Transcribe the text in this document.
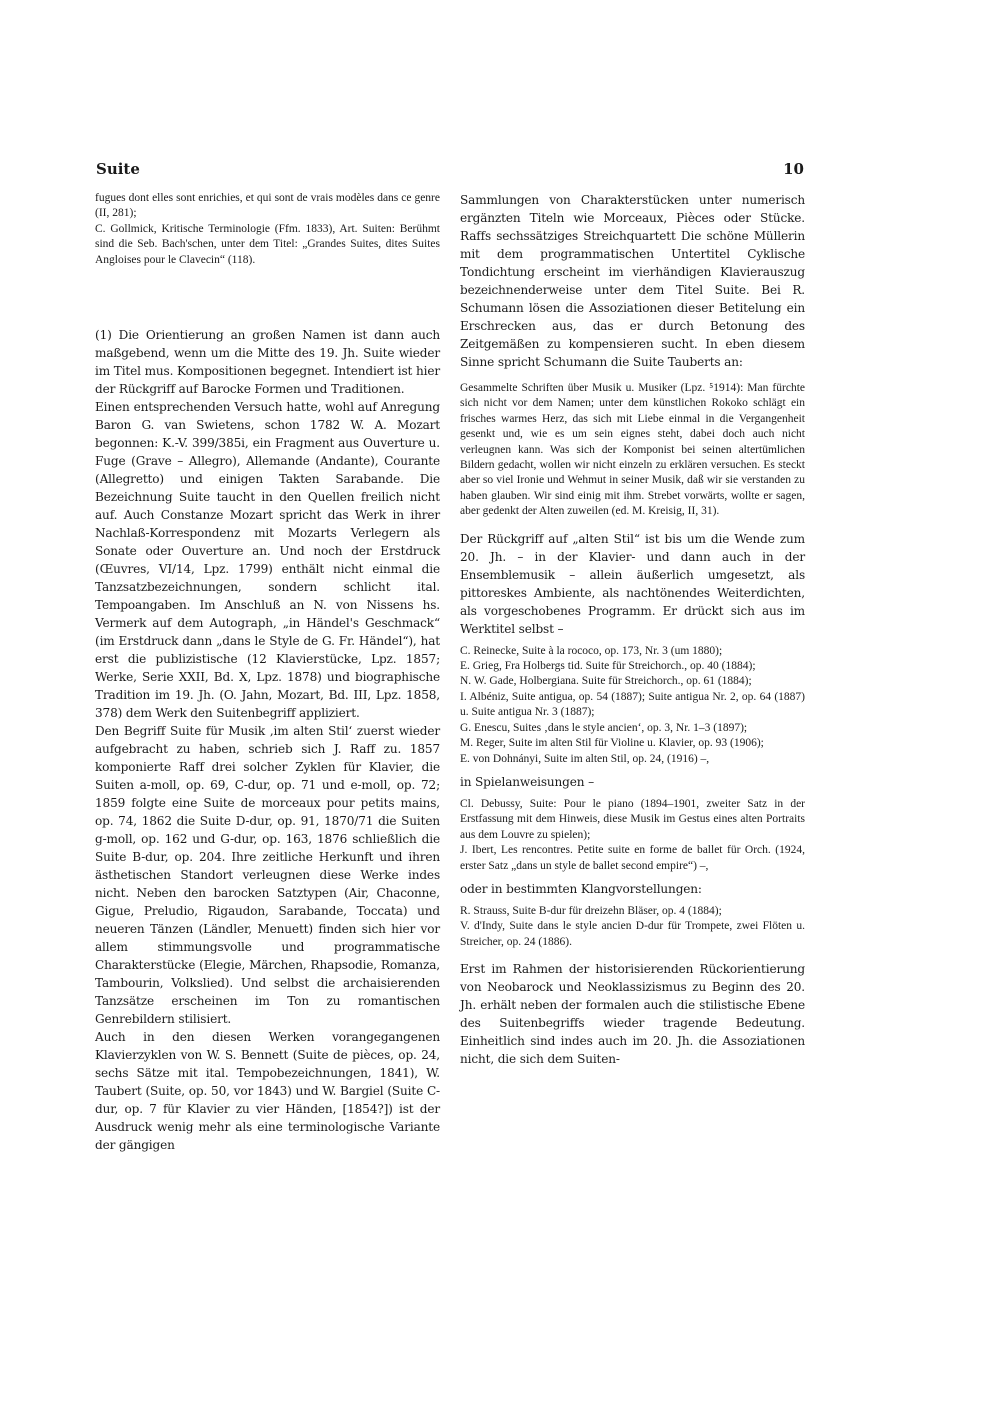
Suite	10

fugues dont elles sont enrichies, et qui sont de vrais modèles dans ce genre (II, 281);

C. Gollmick, Kritische Terminologie (Ffm. 1833), Art. Suiten: Berühmt sind die Seb. Bach'schen, unter dem Titel: „Grandes Suites, dites Suites Angloises pour le Clavecin“ (118).

(1) Die Orientierung an großen Namen ist dann auch maßgebend, wenn um die Mitte des 19. Jh. Suite wieder im Titel mus. Kompositionen begegnet. Intendiert ist hier der Rückgriff auf Barocke Formen und Traditionen.

Einen entsprechenden Versuch hatte, wohl auf Anregung Baron G. van Swietens, schon 1782 W. A. Mozart begonnen: K.-V. 399/385i, ein Fragment aus Ouverture u. Fuge (Grave – Allegro), Allemande (Andante), Courante (Allegretto) und einigen Takten Sarabande. Die Bezeichnung Suite taucht in den Quellen freilich nicht auf. Auch Constanze Mozart spricht das Werk in ihrer Nachlaß-Korrespondenz mit Mozarts Verlegern als Sonate oder Ouverture an. Und noch der Erstdruck (Œuvres, VI/14, Lpz. 1799) enthält nicht einmal die Tanzsatzbezeichnungen, sondern schlicht ital. Tempoangaben. Im Anschluß an N. von Nissens hs. Vermerk auf dem Autograph, „in Händel's Geschmack“ (im Erstdruck dann „dans le Style de G. Fr. Händel“), hat erst die publizistische (12 Klavierstücke, Lpz. 1857; Werke, Serie XXII, Bd. X, Lpz. 1878) und biographische Tradition im 19. Jh. (O. Jahn, Mozart, Bd. III, Lpz. 1858, 378) dem Werk den Suitenbegriff appliziert.

Den Begriff Suite für Musik ‚im alten Stil‘ zuerst wieder aufgebracht zu haben, schrieb sich J. Raff zu. 1857 komponierte Raff drei solcher Zyklen für Klavier, die Suiten a-moll, op. 69, C-dur, op. 71 und e-moll, op. 72; 1859 folgte eine Suite de morceaux pour petits mains, op. 74, 1862 die Suite D-dur, op. 91, 1870/71 die Suiten g-moll, op. 162 und G-dur, op. 163, 1876 schließlich die Suite B-dur, op. 204. Ihre zeitliche Herkunft und ihren ästhetischen Standort verleugnen diese Werke indes nicht. Neben den barocken Satztypen (Air, Chaconne, Gigue, Preludio, Rigaudon, Sarabande, Toccata) und neueren Tänzen (Ländler, Menuett) finden sich hier vor allem stimmungsvolle und programmatische Charakterstücke (Elegie, Märchen, Rhapsodie, Romanza, Tambourin, Volkslied). Und selbst die archaisierenden Tanzsätze erscheinen im Ton zu romantischen Genrebildern stilisiert.

Auch in den diesen Werken vorangegangenen Klavierzyklen von W. S. Bennett (Suite de pièces, op. 24, sechs Sätze mit ital. Tempobezeichnungen, 1841), W. Taubert (Suite, op. 50, vor 1843) und W. Bargiel (Suite C-dur, op. 7 für Klavier zu vier Händen, [1854?]) ist der Ausdruck wenig mehr als eine terminologische Variante der gängigen

Sammlungen von Charakterstücken unter numerisch ergänzten Titeln wie Morceaux, Pièces oder Stücke. Raffs sechssätziges Streichquartett Die schöne Müllerin mit dem programmatischen Untertitel Cyklische Tondichtung erscheint im vierhändigen Klavierauszug bezeichnenderweise unter dem Titel Suite. Bei R. Schumann lösen die Assoziationen dieser Betitelung ein Erschrecken aus, das er durch Betonung des Zeitgemäßen zu kompensieren sucht. In eben diesem Sinne spricht Schumann die Suite Tauberts an:

Gesammelte Schriften über Musik u. Musiker (Lpz. ⁵1914): Man fürchte sich nicht vor dem Namen; unter dem künstlichen Rokoko schlägt ein frisches warmes Herz, das sich mit Liebe einmal in die Vergangenheit gesenkt und, wie es um sein eignes steht, dabei doch auch nicht verleugnen kann. Was sich der Komponist bei seinen altertümlichen Bildern gedacht, wollen wir nicht einzeln zu erklären versuchen. Es steckt aber so viel Ironie und Wehmut in seiner Musik, daß wir sie verstanden zu haben glauben. Wir sind einig mit ihm. Strebet vorwärts, wollte er sagen, aber gedenkt der Alten zuweilen (ed. M. Kreisig, II, 31).

Der Rückgriff auf „alten Stil“ ist bis um die Wende zum 20. Jh. – in der Klavier- und dann auch in der Ensemblemusik – allein äußerlich umgesetzt, als pittoreskes Ambiente, als nachtönendes Weiterdichten, als vorgeschobenes Programm. Er drückt sich aus im Werktitel selbst –

C. Reinecke, Suite à la rococo, op. 173, Nr. 3 (um 1880);

E. Grieg, Fra Holbergs tid. Suite für Streichorch., op. 40 (1884);

N. W. Gade, Holbergiana. Suite für Streichorch., op. 61 (1884);

I. Albéniz, Suite antigua, op. 54 (1887); Suite antigua Nr. 2, op. 64 (1887) u. Suite antigua Nr. 3 (1887);

G. Enescu, Suites ‚dans le style ancien‘, op. 3, Nr. 1–3 (1897);

M. Reger, Suite im alten Stil für Violine u. Klavier, op. 93 (1906);

E. von Dohnányi, Suite im alten Stil, op. 24, (1916) –,

in Spielanweisungen –

Cl. Debussy, Suite: Pour le piano (1894–1901, zweiter Satz in der Erstfassung mit dem Hinweis, diese Musik im Gestus eines alten Portraits aus dem Louvre zu spielen);

J. Ibert, Les rencontres. Petite suite en forme de ballet für Orch. (1924, erster Satz „dans un style de ballet second empire“) –,

oder in bestimmten Klangvorstellungen:

R. Strauss, Suite B-dur für dreizehn Bläser, op. 4 (1884);

V. d'Indy, Suite dans le style ancien D-dur für Trompete, zwei Flöten u. Streicher, op. 24 (1886).

Erst im Rahmen der historisierenden Rückorientierung von Neobarock und Neoklassizismus zu Beginn des 20. Jh. erhält neben der formalen auch die stilistische Ebene des Suitenbegriffs wieder tragende Bedeutung. Einheitlich sind indes auch im 20. Jh. die Assoziationen nicht, die sich dem Suiten-
